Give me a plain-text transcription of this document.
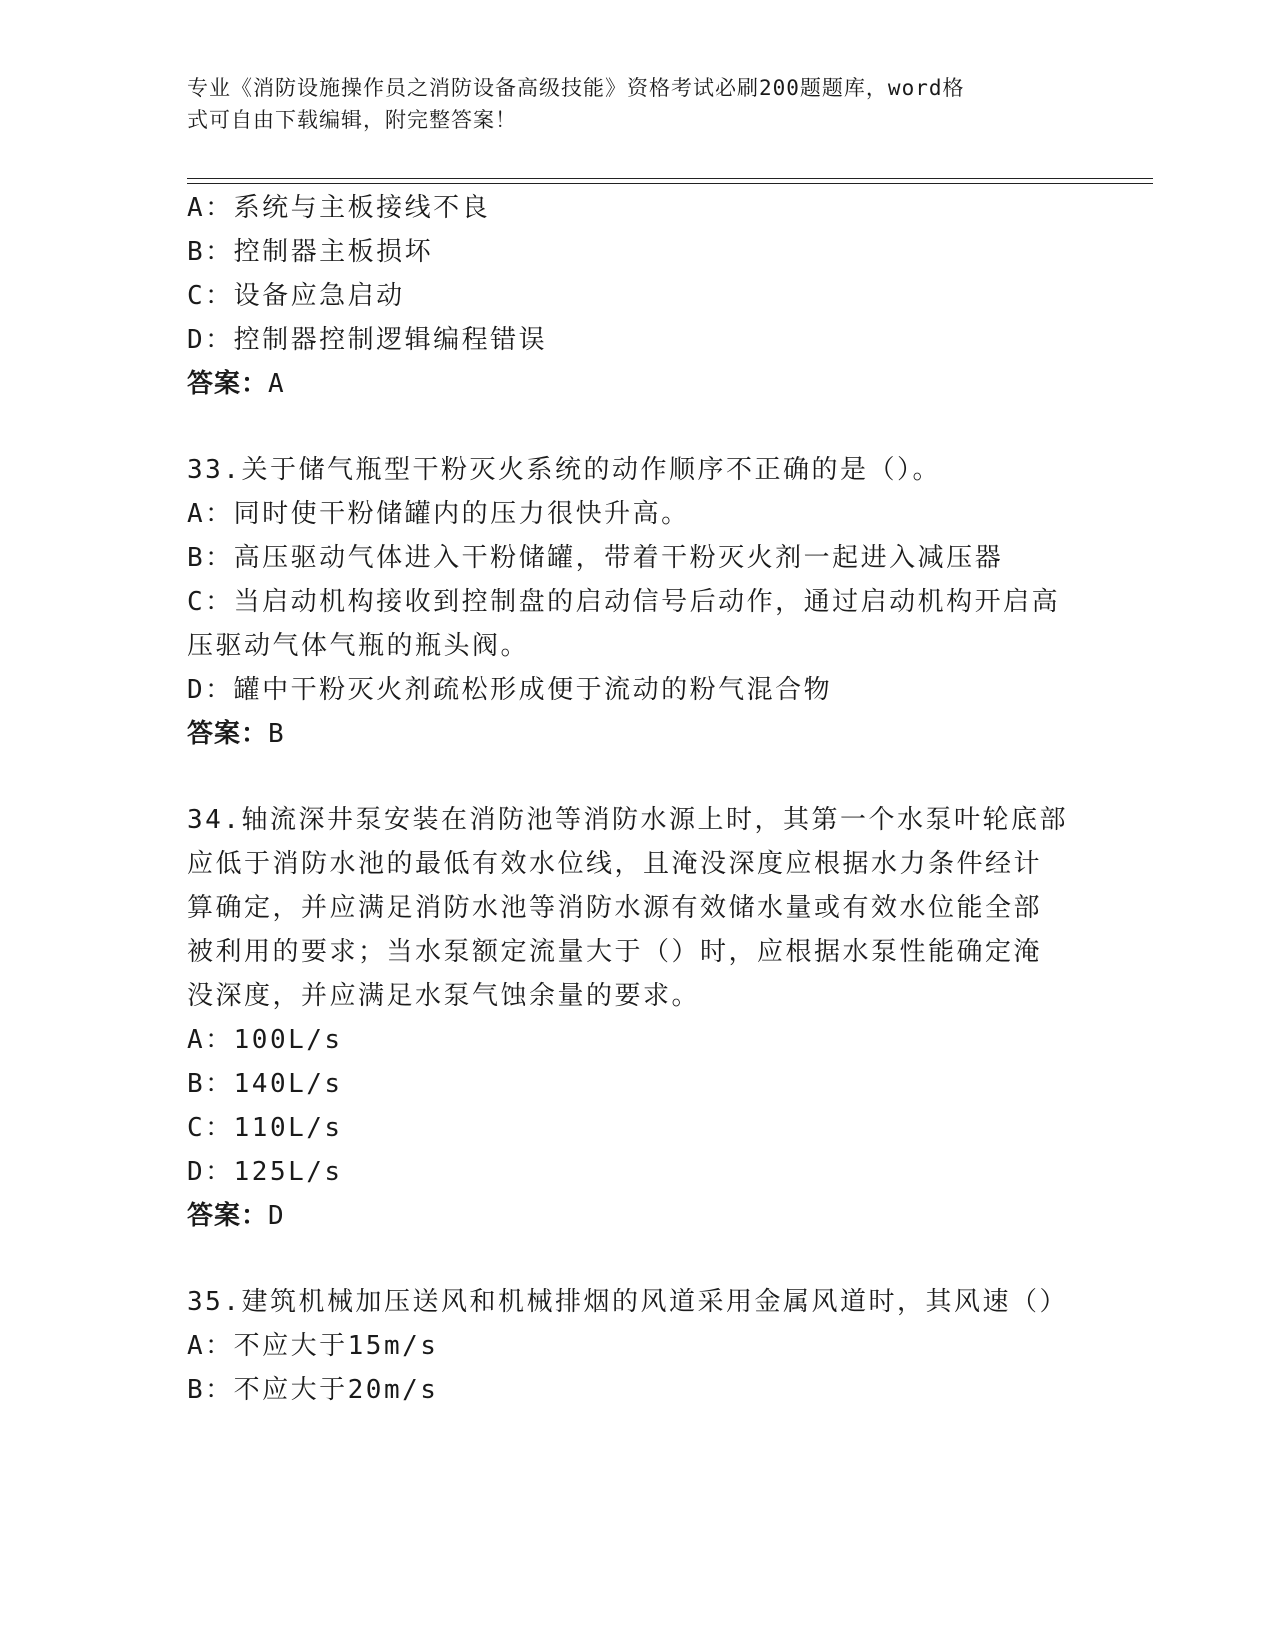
专业《消防设施操作员之消防设备高级技能》资格考试必刷200题题库，word格
式可自由下载编辑，附完整答案！
A：系统与主板接线不良
B：控制器主板损坏
C：设备应急启动
D：控制器控制逻辑编程错误
答案：A
33.关于储气瓶型干粉灭火系统的动作顺序不正确的是（）。
A：同时使干粉储罐内的压力很快升高。
B：高压驱动气体进入干粉储罐，带着干粉灭火剂一起进入减压器
C：当启动机构接收到控制盘的启动信号后动作，通过启动机构开启高
压驱动气体气瓶的瓶头阀。
D：罐中干粉灭火剂疏松形成便于流动的粉气混合物
答案：B
34.轴流深井泵安装在消防池等消防水源上时，其第一个水泵叶轮底部
应低于消防水池的最低有效水位线，且淹没深度应根据水力条件经计
算确定，并应满足消防水池等消防水源有效储水量或有效水位能全部
被利用的要求；当水泵额定流量大于（）时，应根据水泵性能确定淹
没深度，并应满足水泵气蚀余量的要求。
A：100L/s
B：140L/s
C：110L/s
D：125L/s
答案：D
35.建筑机械加压送风和机械排烟的风道采用金属风道时，其风速（）
A：不应大于15m/s
B：不应大于20m/s
